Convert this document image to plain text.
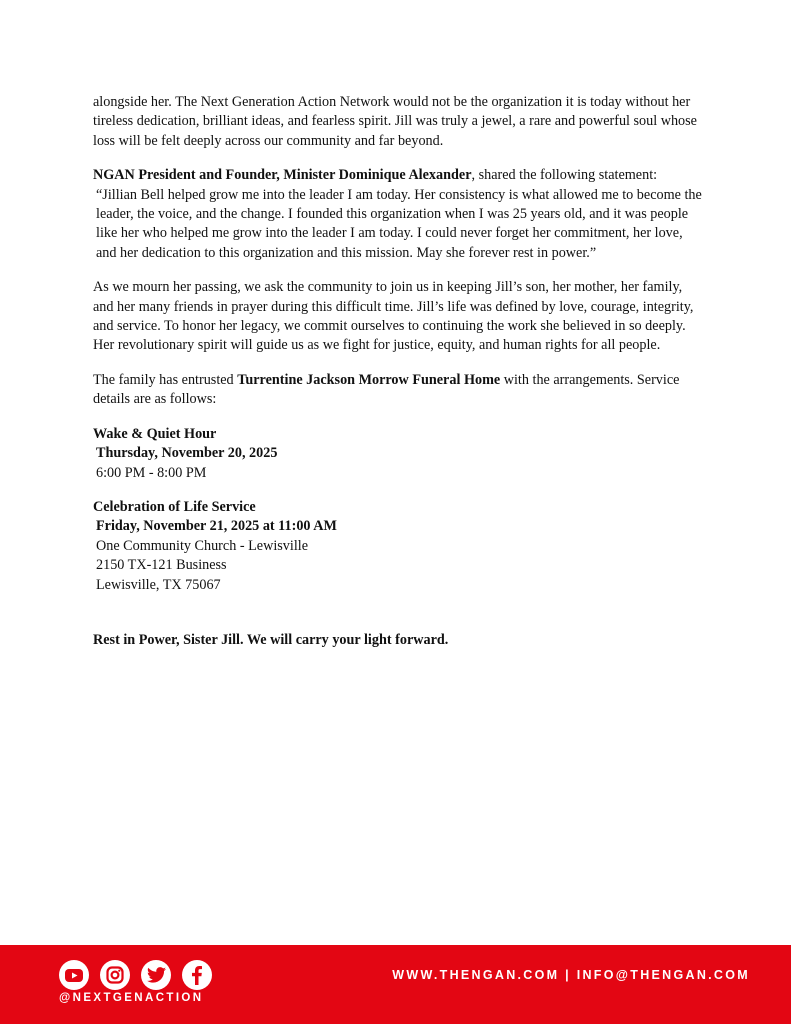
alongside her. The Next Generation Action Network would not be the organization it is today without her tireless dedication, brilliant ideas, and fearless spirit. Jill was truly a jewel, a rare and powerful soul whose loss will be felt deeply across our community and far beyond.

NGAN President and Founder, Minister Dominique Alexander, shared the following statement:
“Jillian Bell helped grow me into the leader I am today. Her consistency is what allowed me to become the leader, the voice, and the change. I founded this organization when I was 25 years old, and it was people like her who helped me grow into the leader I am today. I could never forget her commitment, her love, and her dedication to this organization and this mission. May she forever rest in power.”

As we mourn her passing, we ask the community to join us in keeping Jill’s son, her mother, her family, and her many friends in prayer during this difficult time. Jill’s life was defined by love, courage, integrity, and service. To honor her legacy, we commit ourselves to continuing the work she believed in so deeply. Her revolutionary spirit will guide us as we fight for justice, equity, and human rights for all people.

The family has entrusted Turrentine Jackson Morrow Funeral Home with the arrangements. Service details are as follows:

Wake & Quiet Hour
Thursday, November 20, 2025
6:00 PM - 8:00 PM

Celebration of Life Service
Friday, November 21, 2025 at 11:00 AM
One Community Church - Lewisville
2150 TX-121 Business
Lewisville, TX 75067

Rest in Power, Sister Jill. We will carry your light forward.

@NEXTGENACTION
WWW.THENGAN.COM | INFO@THENGAN.COM
